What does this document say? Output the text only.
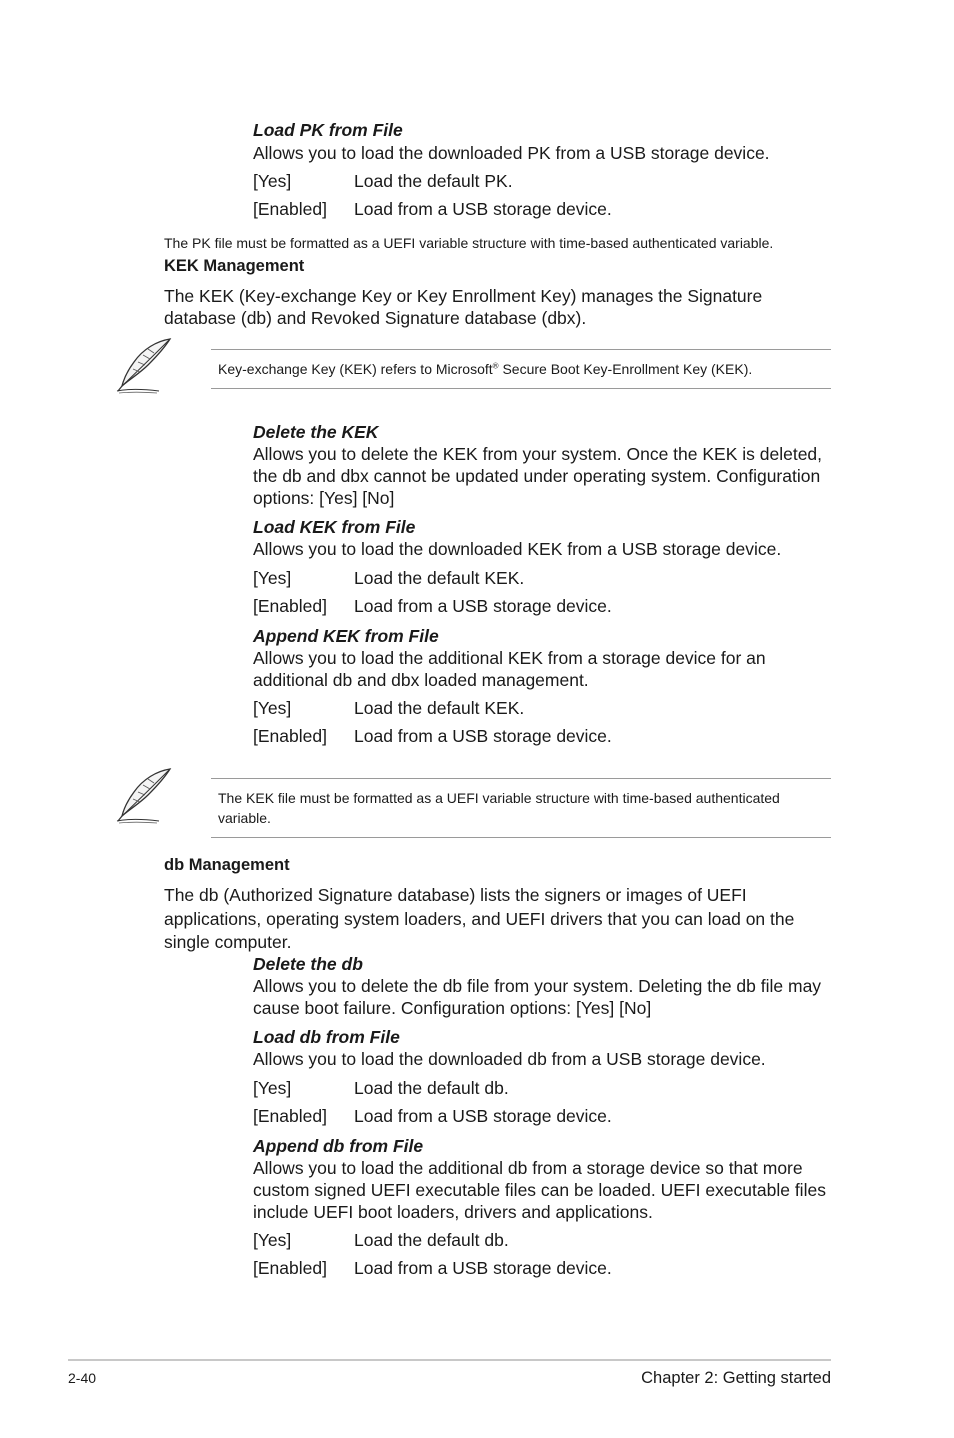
Load PK from File
Allows you to load the downloaded PK from a USB storage device.
[Yes]	Load the default PK.
[Enabled] Load from a USB storage device.
The PK file must be formatted as a UEFI variable structure with time-based authenticated variable.
KEK Management
The KEK (Key-exchange Key or Key Enrollment Key) manages the Signature database (db) and Revoked Signature database (dbx).
Key-exchange Key (KEK) refers to Microsoft® Secure Boot Key-Enrollment Key (KEK).
Delete the KEK
Allows you to delete the KEK from your system. Once the KEK is deleted, the db and dbx cannot be updated under operating system. Configuration options: [Yes] [No]
Load KEK from File
Allows you to load the downloaded KEK from a USB storage device.
[Yes]	Load the default KEK.
[Enabled] Load from a USB storage device.
Append KEK from File
Allows you to load the additional KEK from a storage device for an additional db and dbx loaded management.
[Yes]	Load the default KEK.
[Enabled] Load from a USB storage device.
The KEK file must be formatted as a UEFI variable structure with time-based authenticated variable.
db Management
The db (Authorized Signature database) lists the signers or images of UEFI applications, operating system loaders, and UEFI drivers that you can load on the single computer.
Delete the db
Allows you to delete the db file from your system. Deleting the db file may cause boot failure. Configuration options: [Yes] [No]
Load db from File
Allows you to load the downloaded db from a USB storage device.
[Yes]	Load the default db.
[Enabled] Load from a USB storage device.
Append db from File
Allows you to load the additional db from a storage device so that more custom signed UEFI executable files can be loaded. UEFI executable files include UEFI boot loaders, drivers and applications.
[Yes]	Load the default db.
[Enabled] Load from a USB storage device.
2-40	Chapter 2: Getting started
